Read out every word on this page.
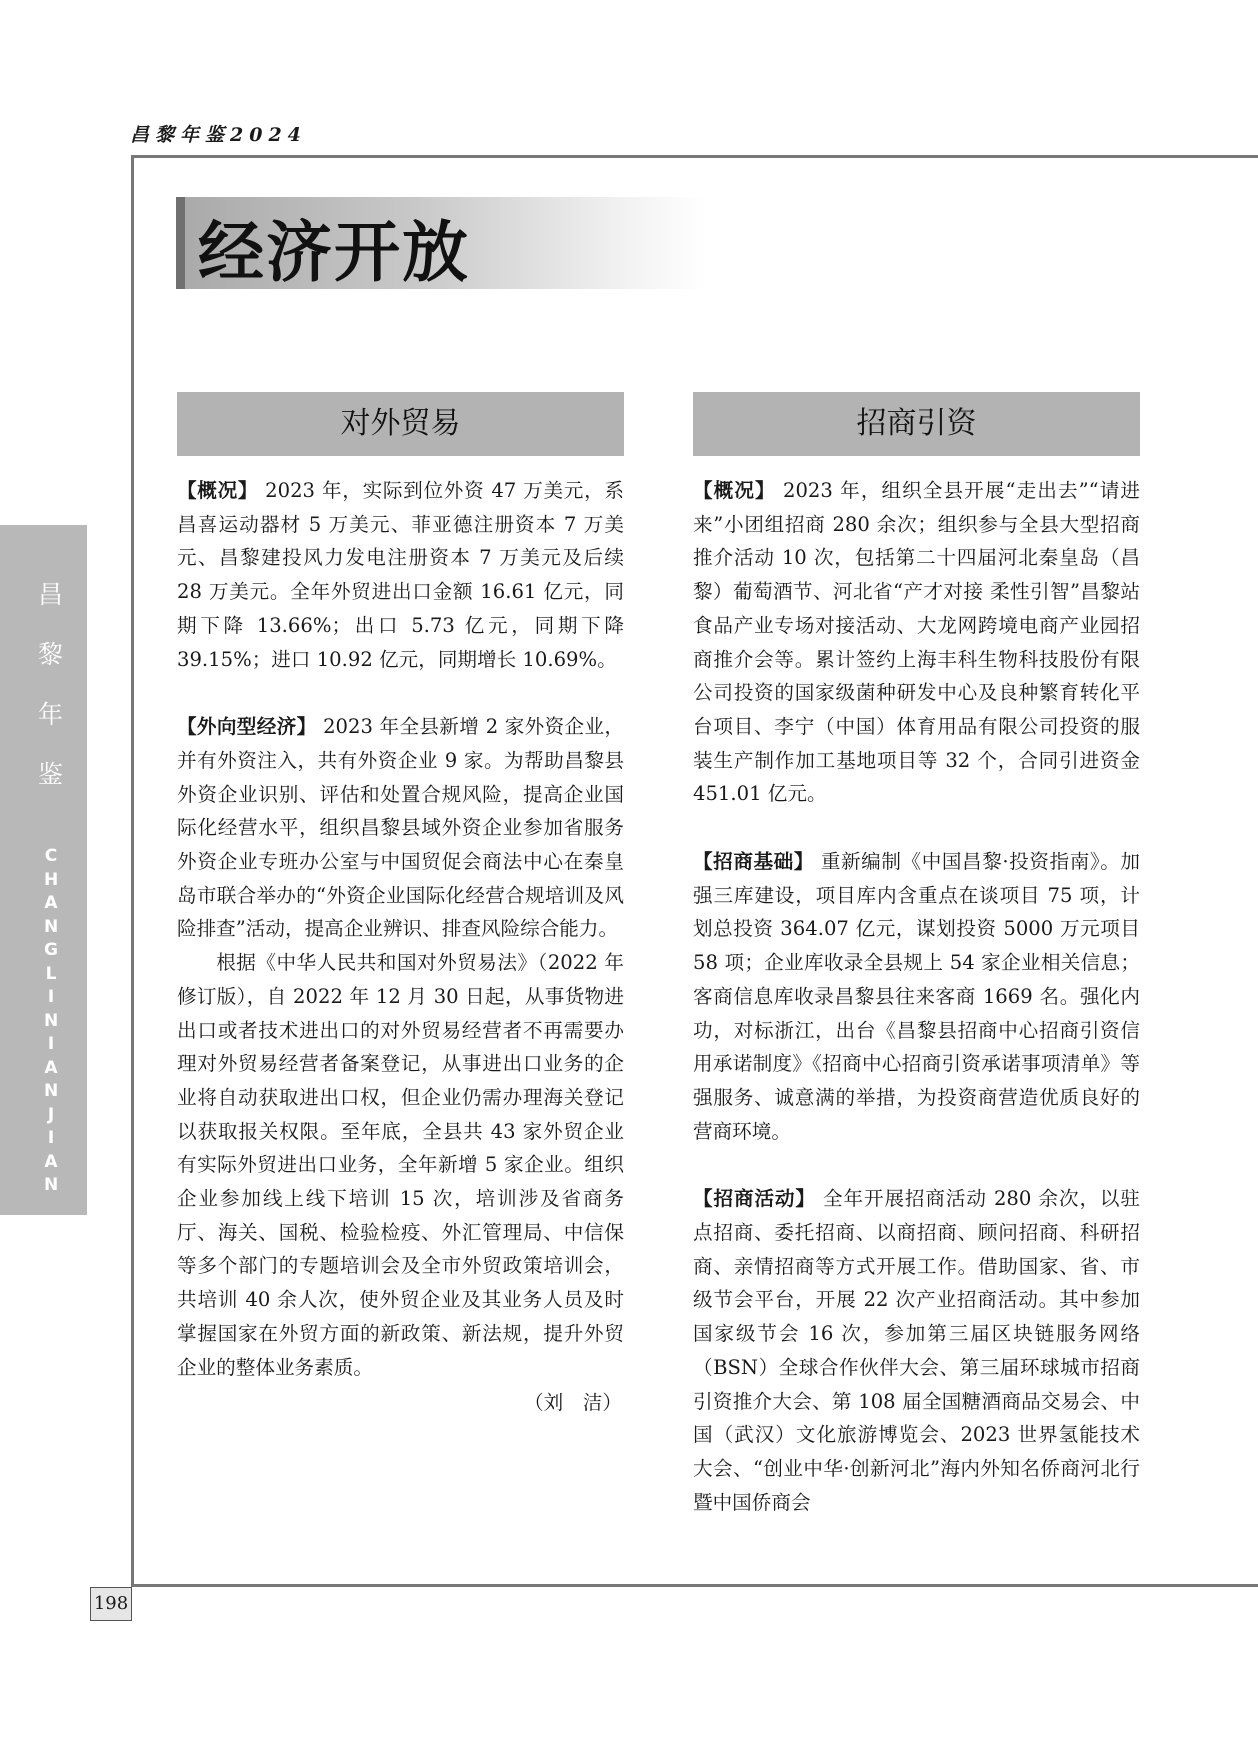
昌黎年鉴2024
昌
黎
年
鉴
C
H
A
N
G
L
I
N
I
A
N
J
I
A
N
198
经济开放
对外贸易

【概况】 2023 年，实际到位外资 47 万美元，系昌喜运动器材 5 万美元、菲亚德注册资本 7 万美元、昌黎建投风力发电注册资本 7 万美元及后续 28 万美元。全年外贸进出口金额 16.61 亿元，同期下降 13.66%；出口 5.73 亿元，同期下降 39.15%；进口 10.92 亿元，同期增长 10.69%。

【外向型经济】 2023 年全县新增 2 家外资企业，并有外资注入，共有外资企业 9 家。为帮助昌黎县外资企业识别、评估和处置合规风险，提高企业国际化经营水平，组织昌黎县域外资企业参加省服务外资企业专班办公室与中国贸促会商法中心在秦皇岛市联合举办的“外资企业国际化经营合规培训及风险排查”活动，提高企业辨识、排查风险综合能力。

根据《中华人民共和国对外贸易法》（2022 年修订版），自 2022 年 12 月 30 日起，从事货物进出口或者技术进出口的对外贸易经营者不再需要办理对外贸易经营者备案登记，从事进出口业务的企业将自动获取进出口权，但企业仍需办理海关登记以获取报关权限。至年底，全县共 43 家外贸企业有实际外贸进出口业务，全年新增 5 家企业。组织企业参加线上线下培训 15 次，培训涉及省商务厅、海关、国税、检验检疫、外汇管理局、中信保等多个部门的专题培训会及全市外贸政策培训会，共培训 40 余人次，使外贸企业及其业务人员及时掌握国家在外贸方面的新政策、新法规，提升外贸企业的整体业务素质。

（刘　洁）
招商引资

【概况】 2023 年，组织全县开展“走出去”“请进来”小团组招商 280 余次；组织参与全县大型招商推介活动 10 次，包括第二十四届河北秦皇岛（昌黎）葡萄酒节、河北省“产才对接 柔性引智”昌黎站食品产业专场对接活动、大龙网跨境电商产业园招商推介会等。累计签约上海丰科生物科技股份有限公司投资的国家级菌种研发中心及良种繁育转化平台项目、李宁（中国）体育用品有限公司投资的服装生产制作加工基地项目等 32 个，合同引进资金 451.01 亿元。

【招商基础】 重新编制《中国昌黎·投资指南》。加强三库建设，项目库内含重点在谈项目 75 项，计划总投资 364.07 亿元，谋划投资 5000 万元项目 58 项；企业库收录全县规上 54 家企业相关信息；客商信息库收录昌黎县往来客商 1669 名。强化内功，对标浙江，出台《昌黎县招商中心招商引资信用承诺制度》《招商中心招商引资承诺事项清单》等强服务、诚意满的举措，为投资商营造优质良好的营商环境。

【招商活动】 全年开展招商活动 280 余次，以驻点招商、委托招商、以商招商、顾问招商、科研招商、亲情招商等方式开展工作。借助国家、省、市级节会平台，开展 22 次产业招商活动。其中参加国家级节会 16 次，参加第三届区块链服务网络（BSN）全球合作伙伴大会、第三届环球城市招商引资推介大会、第 108 届全国糖酒商品交易会、中国（武汉）文化旅游博览会、2023 世界氢能技术大会、“创业中华·创新河北”海内外知名侨商河北行暨中国侨商会
